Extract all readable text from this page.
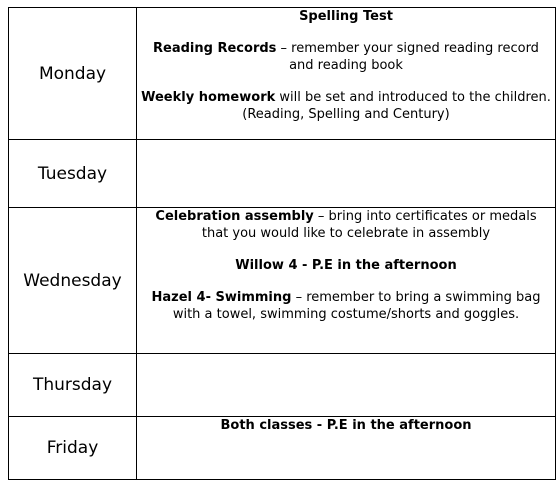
Monday	Spelling Test

Reading Records – remember your signed reading record and reading book

Weekly homework will be set and introduced to the children. (Reading, Spelling and Century)

Tuesday	
Wednesday	Celebration assembly – bring into certificates or medals that you would like to celebrate in assembly

Willow 4 - P.E in the afternoon

Hazel 4- Swimming – remember to bring a swimming bag with a towel, swimming costume/shorts and goggles.

Thursday	
Friday	Both classes - P.E in the afternoon
